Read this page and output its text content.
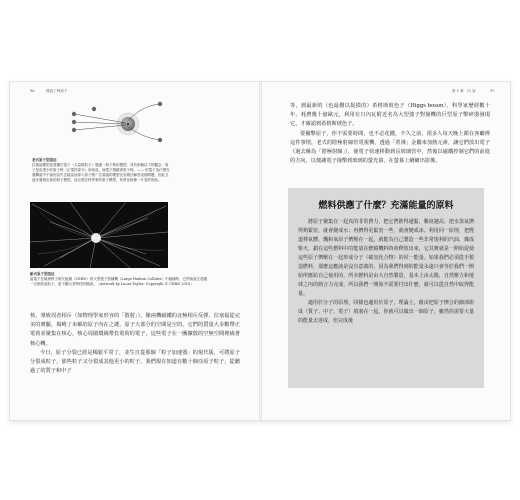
96	簡說了時原子
老式原子型說法
拉塞福模型是建構在電子（大量微粒子）環繞一原子核的模型，具有兩個以下的觀念：原子是由很小的原子核（正電的部分）所組成，而電子環繞著原子核。—— 但電子為什麼在運轉當中不會因為失去能量而掉入原子核？拉塞福的模型沒有辦法解答這個問題，因此又逐步發展出新的原子模型，而且現在科學家的原子模型，其實比較像一片雲的形狀。
新式原子型說法
當電子在歐洲核子研究組織（CERN）的大型強子對撞機（Large Hadron Collider）中碰撞時，它們會產生超過一百個其他粒子，留下顯示其特性的軌跡。（Artwork by Lucas Taylor: Copyright © CERN 2010）

核，導致周者相斥（如物理學家形容的「散射」），像兩機磁鐵的北極相斥反彈，拉塞福從完美的實驗，揭曉了未解的原子內在之謎，原子大部分的空間是空的，它們的質量大多數帶正電荷並聚集在核心，核心周圍環繞帶負電荷的電子，這些電子在一團擴散的空無空間裡繞著核心轉。

今日，原子分裂已經是稀鬆平常了，並生自從那個「粒子加速器」的現代版，可將原子分裂成粒子，那些粒子又分裂成其他更小的粒子，我們現在知道有數十個亞原子粒子，從聽過了的質子和中子

第 1 章　內 容	97

等，到最新的（也最難以捉摸的）希格斯玻色子（Higgs boson），科學家歷經數十年，耗費幾十億歐元，利用在日內瓦附近名為大型強子對撞機的巨型原子擊碎器發現它，才確認到希格斯玻色子。

要擾擊原子，你不需要時間，也不必花錢，不久之前，很多人每天晚上都在客廳裡這件事情，老式的陰極射線管電視機，透過「煮沸」金屬來加熱元素，讓它們放出電子（過去稱為「陰極射線」），使電子快速移動到長玻璃管中，然後以磁鐵控制它們的前進的方向，以便讓電子撞擊到玻璃的螢光幕，在螢幕上繪繪出影像。

燃料供應了什麼？充滿能量的原料

將原子聚集在一起真的非常費力，把它們推得越緊，難度越高，把水蒸氣擠得夠緊密，就會變成水；再擠得更緊密一些，就會變成冰。利用同一原理，把煙道裡氣體，飄和氧原子擠壓在一起，就能為自己製造一些非常規利的汽油，煤成柴火，鎖在這些燃料中的能量在燃燒機料時會釋放出來，它其實就是一開始促使這些原子擠壓在一起形成分子（碳氫化合物）的同一能量。如果我們必須從手製造燃料，那麼這應該是沒有意義的，因為我們得到的能量永遠只會等於我們一開始所應給自己使用的，所幸燃料是由大自然製造，基本上由太陽，自然壓力和地球之內的熱合力完成，所以我們一開始不需要付出什麼，就可以從自然中取得能量。

適用於分子的原理，同樣也適用於原子，理論上，藉由把原子擠合的細部組成（質子、中子、電子）填塞在一起，你就可以做出一個原子，雖然你需要大量的能量去達成，但完成後
